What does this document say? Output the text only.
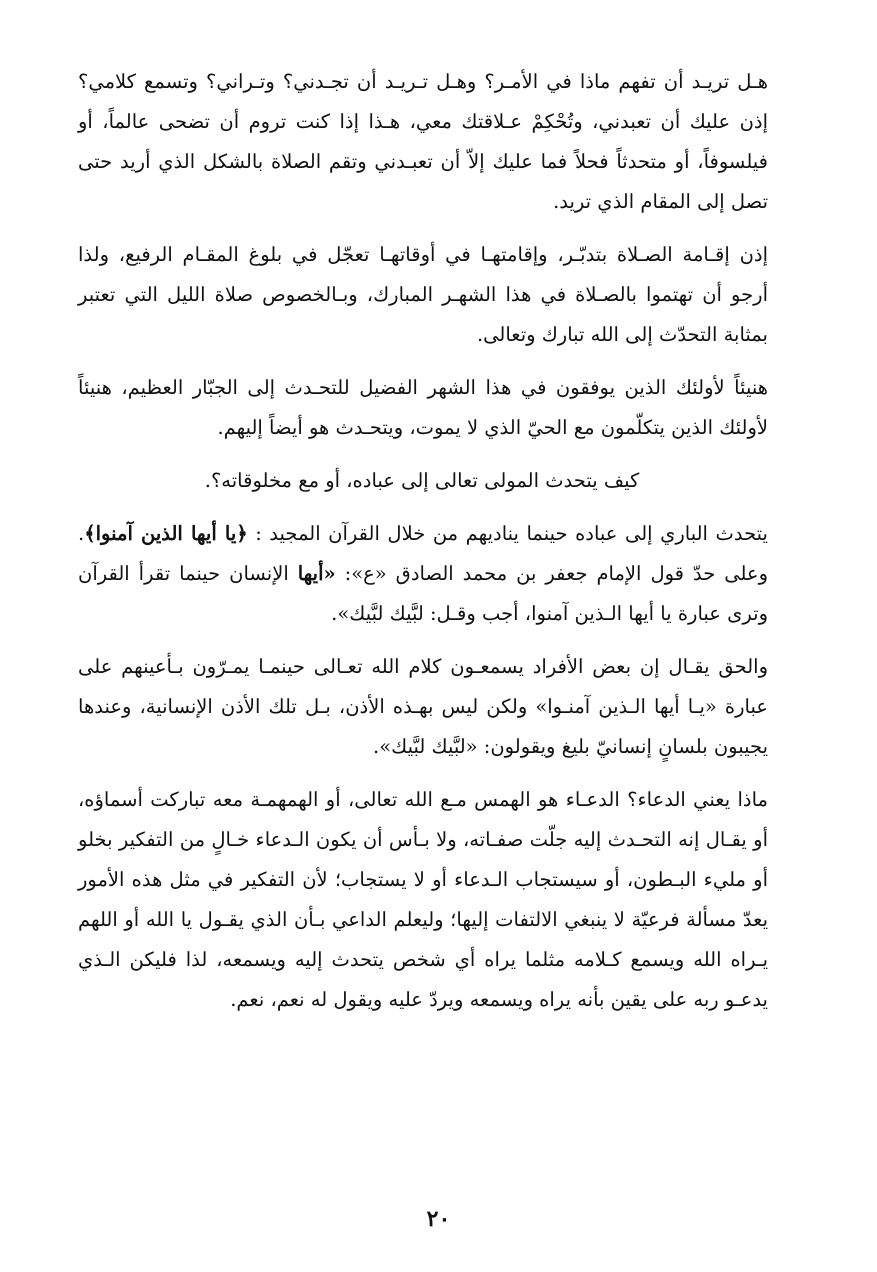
هـل تريـد أن تفهم ماذا في الأمـر؟ وهـل تـريـد أن تجـدني؟ وتـراني؟ وتسمع كلامي؟ إذن عليك أن تعبدني، وتُحْكِمْ عـلاقتك معي، هـذا إذا كنت تروم أن تضحى عالماً، أو فيلسوفاً، أو متحدثاً فحلاً فما عليك إلاّ أن تعبـدني وتقم الصلاة بالشكل الذي أريد حتى تصل إلى المقام الذي تريد.

إذن إقـامة الصـلاة بتدبّـر، وإقامتهـا في أوقاتهـا تعجّل في بلوغ المقـام الرفيع، ولذا أرجو أن تهتموا بالصـلاة في هذا الشهـر المبارك، وبـالخصوص صلاة الليل التي تعتبر بمثابة التحدّث إلى الله تبارك وتعالى.

هنيئاً لأولئك الذين يوفقون في هذا الشهر الفضيل للتحـدث إلى الجبّار العظيم، هنيئاً لأولئك الذين يتكلّمون مع الحيّ الذي لا يموت، ويتحـدث هو أيضاً إليهم.

كيف يتحدث المولى تعالى إلى عباده، أو مع مخلوقاته؟.

يتحدث الباري إلى عباده حينما يناديهم من خلال القرآن المجيد : ﴿يا أيها الذين آمنوا﴾. وعلى حدّ قول الإمام جعفر بن محمد الصادق «ع»: «أيها الإنسان حينما تقرأ القرآن وترى عبارة يا أيها الـذين آمنوا، أجب وقـل: لبَّيك لبَّيك».

والحق يقـال إن بعض الأفراد يسمعـون كلام الله تعـالى حينمـا يمـرّون بـأعينهم على عبارة «يـا أيها الـذين آمنـوا» ولكن ليس بهـذه الأذن، بـل تلك الأذن الإنسانية، وعندها يجيبون بلسانٍ إنسانيّ بليغ ويقولون: «لبَّيك لبَّيك».

ماذا يعني الدعاء؟ الدعـاء هو الهمس مـع الله تعالى، أو الهمهمـة معه تباركت أسماؤه، أو يقـال إنه التحـدث إليه جلّت صفـاته، ولا بـأس أن يكون الـدعاء خـالٍ من التفكير بخلو أو مليء البـطون، أو سيستجاب الـدعاء أو لا يستجاب؛ لأن التفكير في مثل هذه الأمور يعدّ مسألة فرعيّة لا ينبغي الالتفات إليها؛ وليعلم الداعي بـأن الذي يقـول يا الله أو اللهم يـراه الله ويسمع كـلامه مثلما يراه أي شخص يتحدث إليه ويسمعه، لذا فليكن الـذي يدعـو ربه على يقين بأنه يراه ويسمعه ويردّ عليه ويقول له نعم، نعم.

٢٠
